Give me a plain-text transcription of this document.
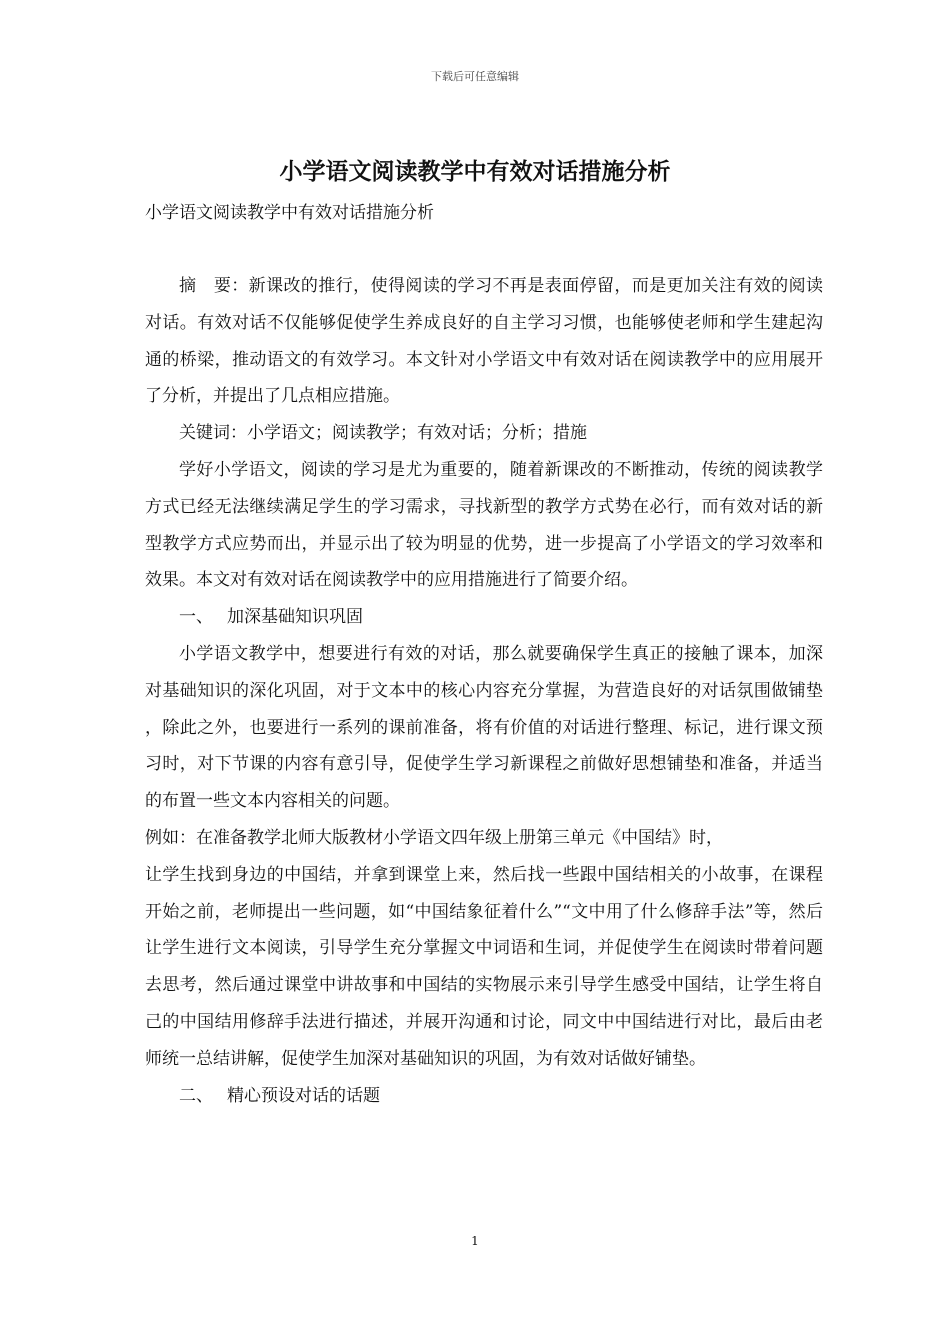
下载后可任意编辑
小学语文阅读教学中有效对话措施分析
小学语文阅读教学中有效对话措施分析

摘　要：新课改的推行，使得阅读的学习不再是表面停留，而是更加关注有效的阅读对话。有效对话不仅能够促使学生养成良好的自主学习习惯，也能够使老师和学生建起沟通的桥梁，推动语文的有效学习。本文针对小学语文中有效对话在阅读教学中的应用展开了分析，并提出了几点相应措施。

关键词：小学语文；阅读教学；有效对话；分析；措施

学好小学语文，阅读的学习是尤为重要的，随着新课改的不断推动，传统的阅读教学方式已经无法继续满足学生的学习需求，寻找新型的教学方式势在必行，而有效对话的新型教学方式应势而出，并显示出了较为明显的优势，进一步提高了小学语文的学习效率和效果。本文对有效对话在阅读教学中的应用措施进行了简要介绍。

一、 加深基础知识巩固

小学语文教学中，想要进行有效的对话，那么就要确保学生真正的接触了课本，加深对基础知识的深化巩固，对于文本中的核心内容充分掌握，为营造良好的对话氛围做铺垫，除此之外，也要进行一系列的课前准备，将有价值的对话进行整理、标记，进行课文预习时，对下节课的内容有意引导，促使学生学习新课程之前做好思想铺垫和准备，并适当的布置一些文本内容相关的问题。

例如：在准备教学北师大版教材小学语文四年级上册第三单元《中国结》时，

让学生找到身边的中国结，并拿到课堂上来，然后找一些跟中国结相关的小故事，在课程开始之前，老师提出一些问题，如“中国结象征着什么”“文中用了什么修辞手法”等，然后让学生进行文本阅读，引导学生充分掌握文中词语和生词，并促使学生在阅读时带着问题去思考，然后通过课堂中讲故事和中国结的实物展示来引导学生感受中国结，让学生将自己的中国结用修辞手法进行描述，并展开沟通和讨论，同文中中国结进行对比，最后由老师统一总结讲解，促使学生加深对基础知识的巩固，为有效对话做好铺垫。

二、 精心预设对话的话题

1
